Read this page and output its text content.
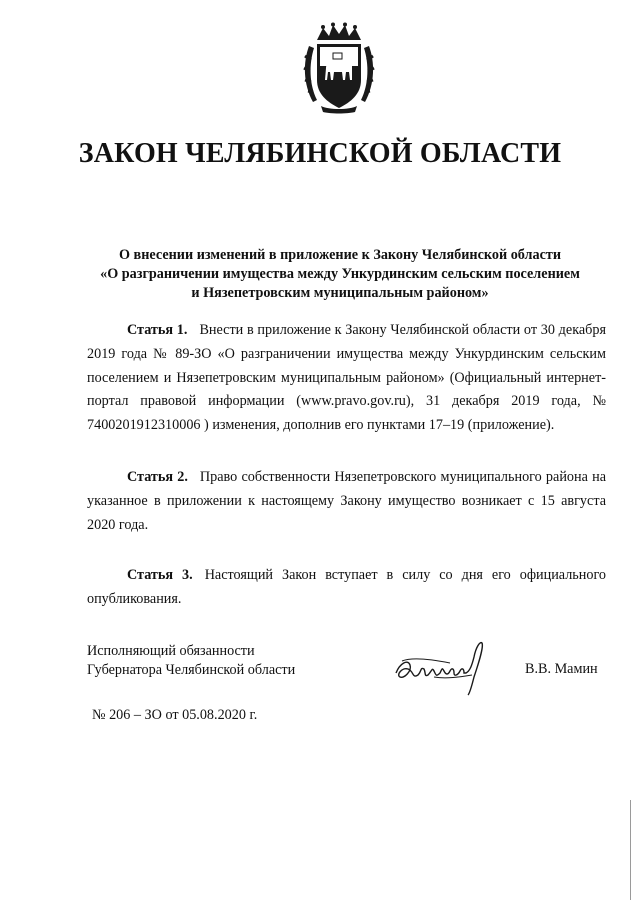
ЗАКОН ЧЕЛЯБИНСКОЙ ОБЛАСТИ
О внесении изменений в приложение к Закону Челябинской области
«О разграничении имущества между Ункурдинским сельским поселением
и Нязепетровским муниципальным районом»

Статья 1. Внести в приложение к Закону Челябинской области от 30 декабря 2019 года № 89-ЗО «О разграничении имущества между Ункурдинским сельским поселением и Нязепетровским муниципальным районом» (Официальный интернет-портал правовой информации (www.pravo.gov.ru), 31 декабря 2019 года, № 7400201912310006 ) изменения, дополнив его пунктами 17–19 (приложение).

Статья 2. Право собственности Нязепетровского муниципального района на указанное в приложении к настоящему Закону имущество возникает с 15 августа 2020 года.

Статья 3. Настоящий Закон вступает в силу со дня его официального опубликования.

Исполняющий обязанности
Губернатора Челябинской области	В.В. Мамин
№ 206 – ЗО от 05.08.2020 г.
